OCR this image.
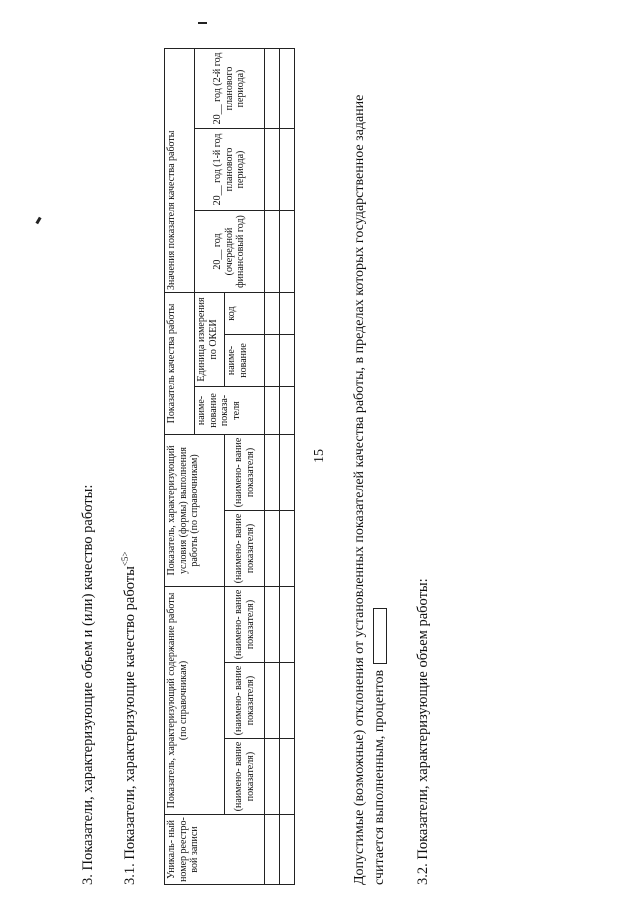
15
3. Показатели, характеризующие объем и (или) качество работы: 3.1. Показатели, характеризующие качество работы$^{<5>}$
Уникаль- ный номер реестро- вой записи	Показатель, характеризующий содержание работы (по справочникам)			Показатель, характеризующий условия (формы) выполнения работы (по справочникам)		Показатель качества работы			Значения показателя качества работы		
						наиме- нование показа- теля	Единица измерения по ОКЕИ		20__ год (очередной финансовый год)	20__ год (1-й год планового периода)	20__ год (2-й год планового периода)
	(наимено- вание показателя)	(наимено- вание показателя)	(наимено- вание показателя)	(наимено- вание показателя)	(наимено- вание показателя)		наиме- нование	код			

												Допустимые (возможные) отклонения от установленных показателей качества работы, в пределах которых государственное задание считается выполненным, процентов 3.2. Показатели, характеризующие объем работы:
